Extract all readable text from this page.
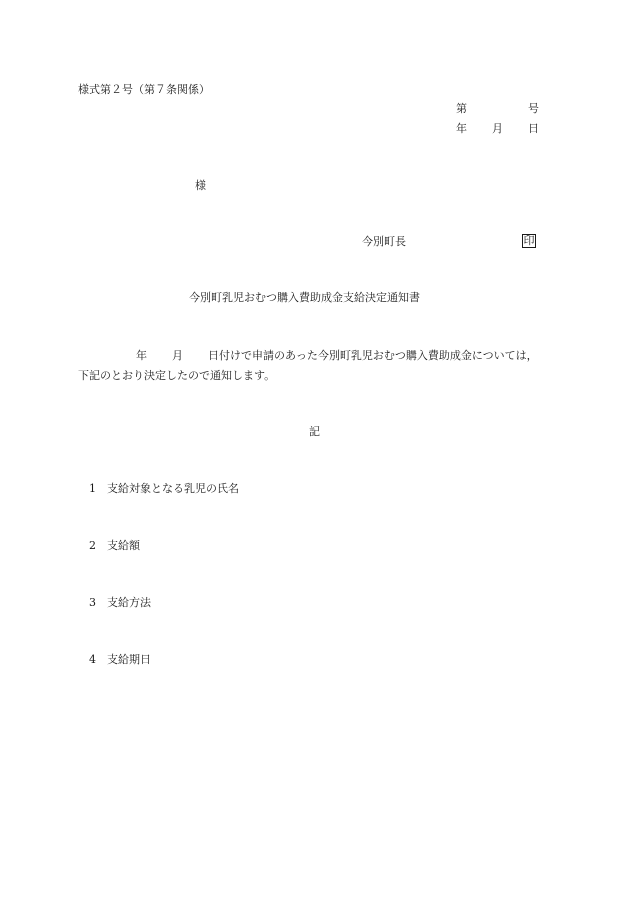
様式第２号（第７条関係）
第	号
年 月 日
様
今別町長	印
今別町乳児おむつ購入費助成金支給決定通知書
年 月 日付けで申請のあった今別町乳児おむつ購入費助成金については，
下記のとおり決定したので通知します。
記
1 支給対象となる乳児の氏名
2 支給額
3 支給方法
4 支給期日
